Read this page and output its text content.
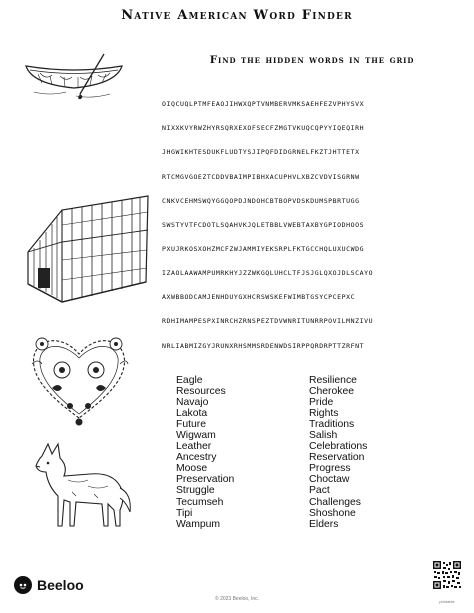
Native American Word Finder
Find the hidden words in the grid

OIQCUQLPTMFEAOJIHWXQPTVNMBERVMKSAEHFEZVPHYSVX

NIXXKVYRWZHYRSQRXEXOFSECFZMGTVKUQCQPYYIQEQIRH

JHGWIKHTESDUKFLUDTYSJIPQFDIDGRNELFKZTJHTTETX

RTCMGVGOEZTCDDVBAIMPIBHXACUPHVLXBZCVDVISGRNW

CNKVCEHMSWQYGGQOPDJNDOHCBTBOPVDSKDUMSPBRTUGG

SWSTYVTFCDOTLSQAHVKJQLETBBLVWEBTAXBYGPIODHOOS

PXUJRKOSXOHZMCFZWJAMMIYEKSRPLFKTGCCHQLUXUCWDG

IZAOLAAWAMPUMRKHYJZZWKGQLUHCLTFJSJGLQXOJDLSCAYO

AXWBBODCAMJENHDUYGXHCRSWSKEFWIMBTGSYCPCEPXC

RDHIMAMPESPXINRCHZRNSPEZTDVWNRITUNRRPOVILMNZIVU

NRLIABMIZGYJRUNXRHSMMSRDENWDSIRPPQRDRPTTZRFNT

Eagle
Resources
Navajo
Lakota
Future
Wigwam
Leather
Ancestry
Moose
Preservation
Struggle
Tecumseh
Tipi
Wampum
Resilience
Cherokee
Pride
Rights
Traditions
Salish
Celebrations
Reservation
Progress
Choctaw
Pact
Challenges
Shoshone
Elders
Beeloo
© 2023 Beeloo, Inc.	printable
